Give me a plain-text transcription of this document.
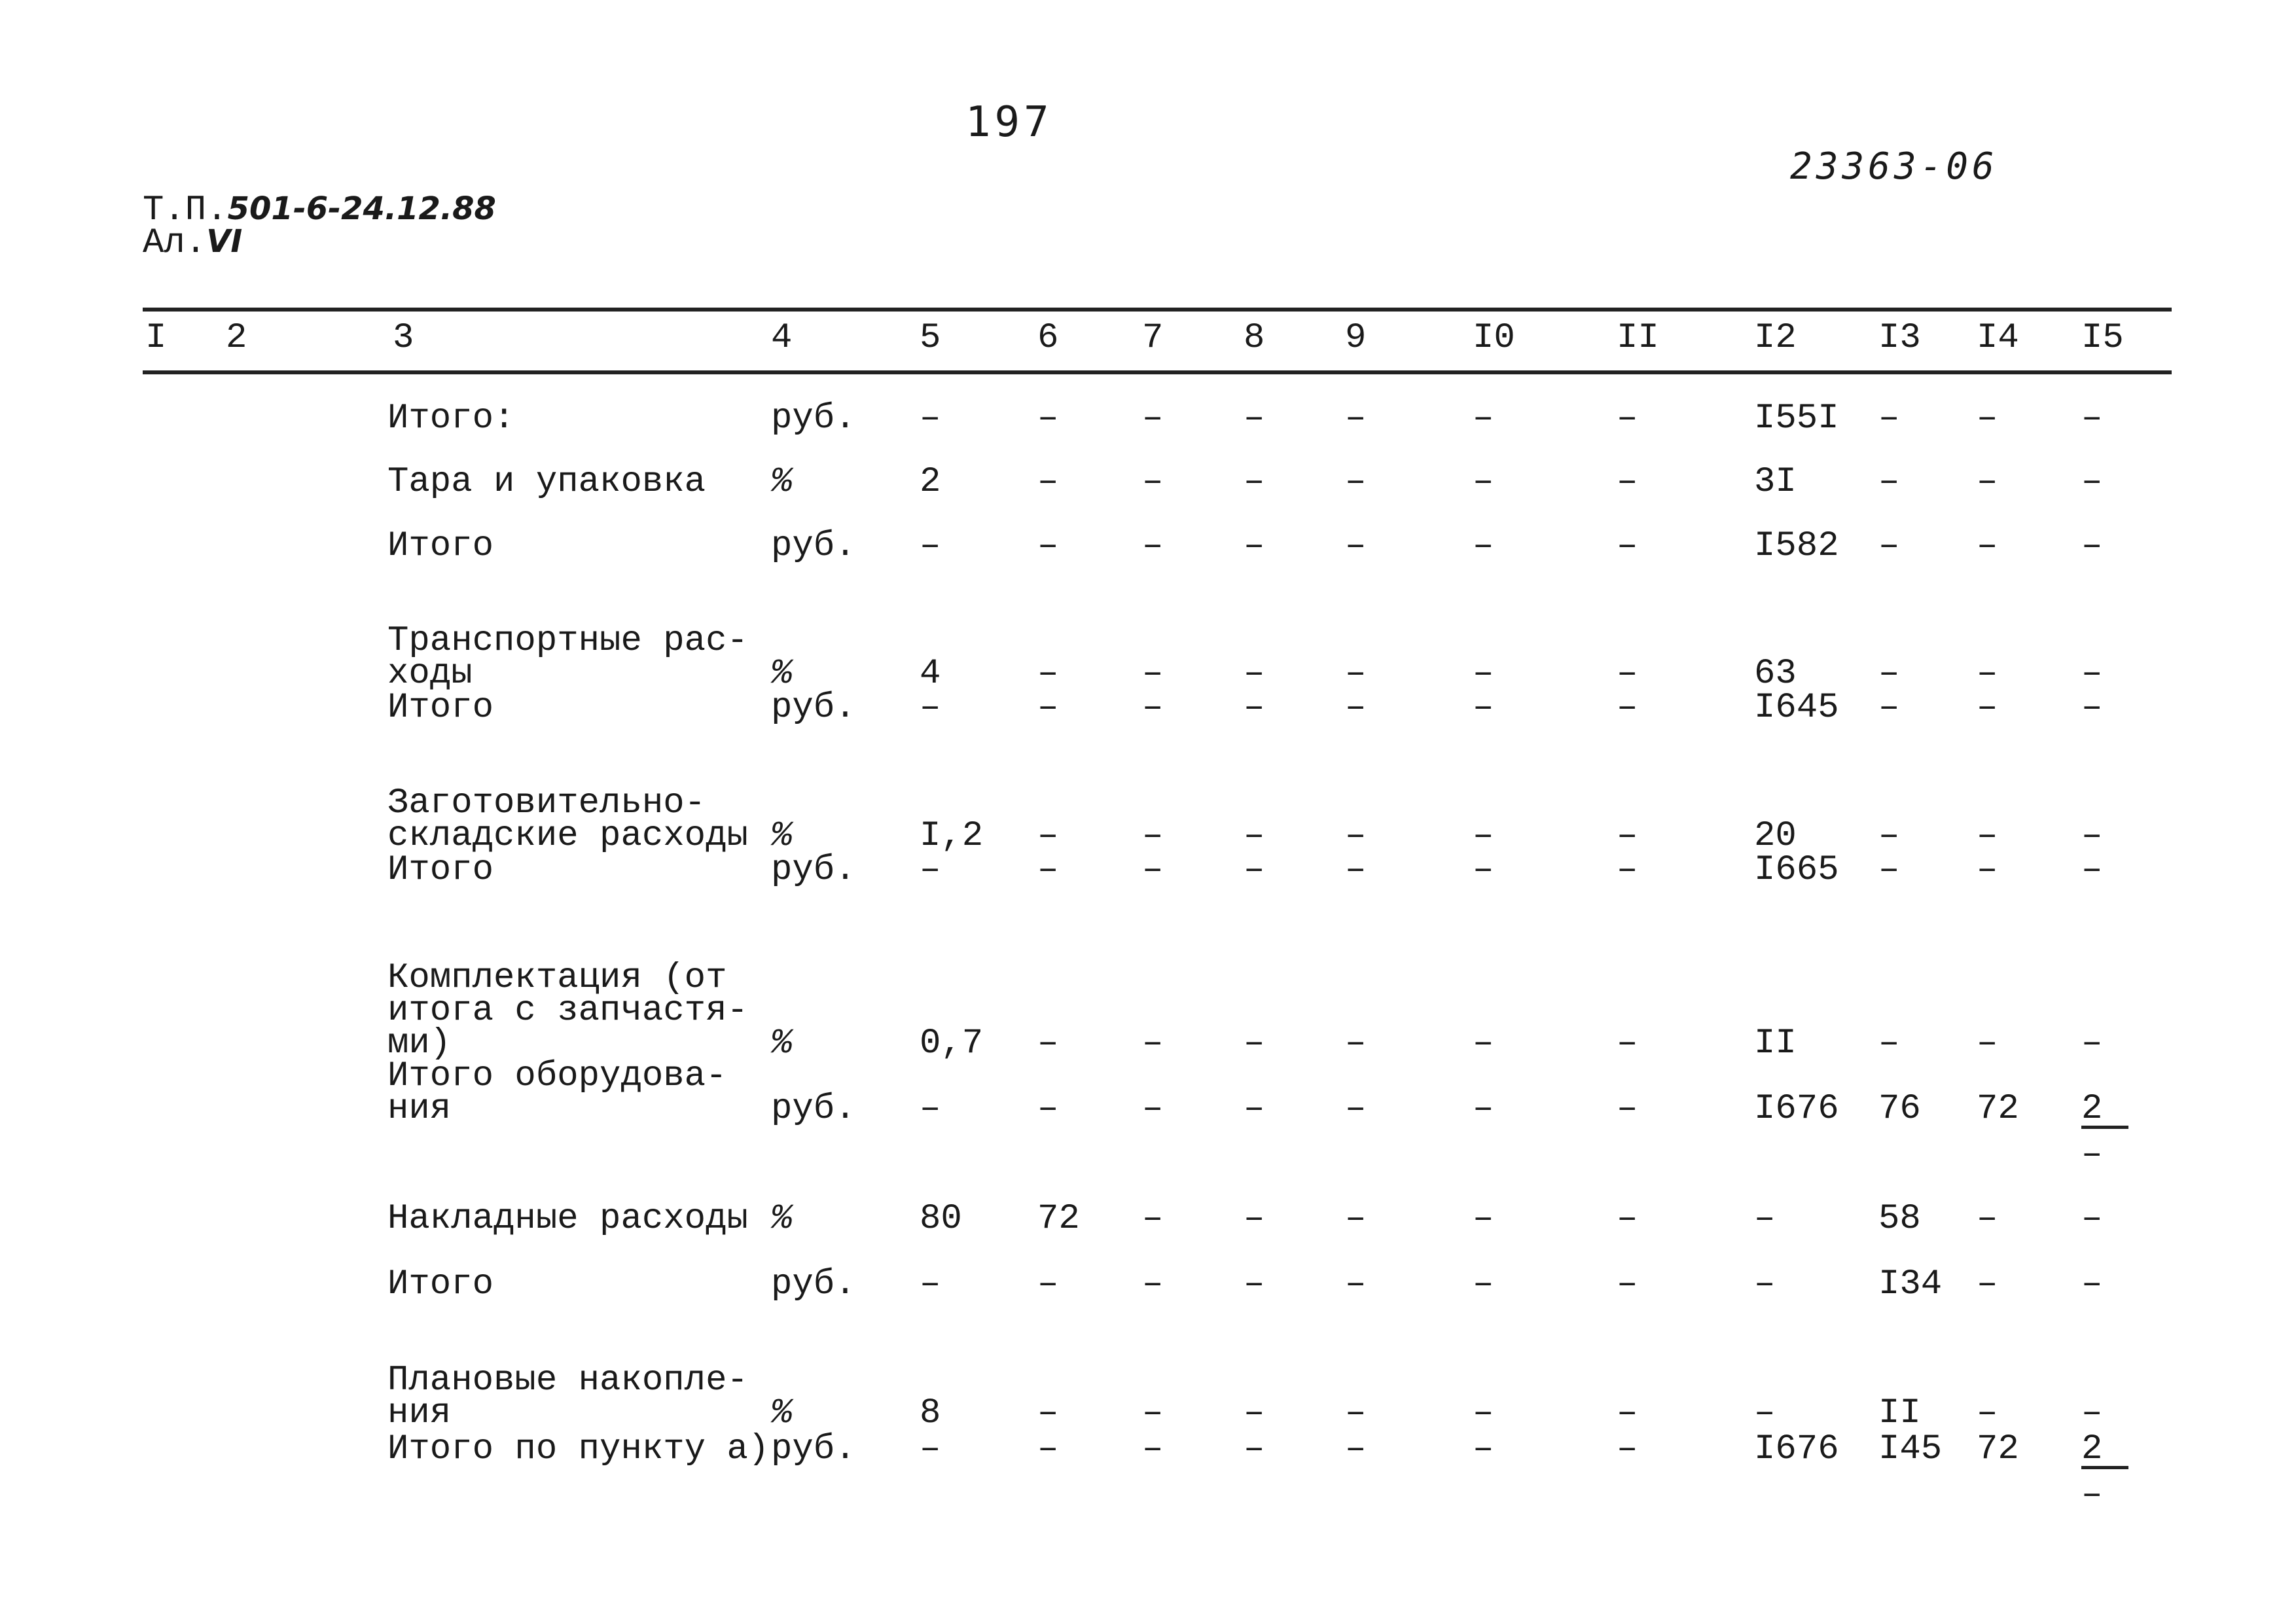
197
23363-06
Т.П.501-6-24.12.88
Ал.VI
I 2	3	4	5	6 7 8 9	I0	II	I2 I3 I4 I5
Итого:	руб. –	– – – –	–	–	I55I – – –
Тара и упаковка %	2	– – – –	–	–	3I – – –
Итого	руб. –	– – – –	–	–	I582 – – –
Транспортные рас-
ходы	%	4	– – – –	–	–	63 – – –
Итого	руб. –	– – – –	–	–	I645 – – –
Заготовительно-
складские расходы %	I,2 – – – –	–	–	20 – – –
Итого	руб. –	– – – –	–	–	I665 – – –
Комплектация (от
итога с запчастя-
ми)	%	0,7 – – – –	–	–	II – – –
Итого оборудова-
ния	руб. –	– – – –	–	–	I676 76 72 2
–
Накладные расходы %	80 72 – – –	–	–	–	58 – –
Итого	руб. –	– – – –	–	–	–	I34 – –
Плановые накопле-
ния	%	8	– – – –	–	–	–	II – –
Итого по пункту а) руб. –	– – – –	–	–	I676 I45 72 2
–
